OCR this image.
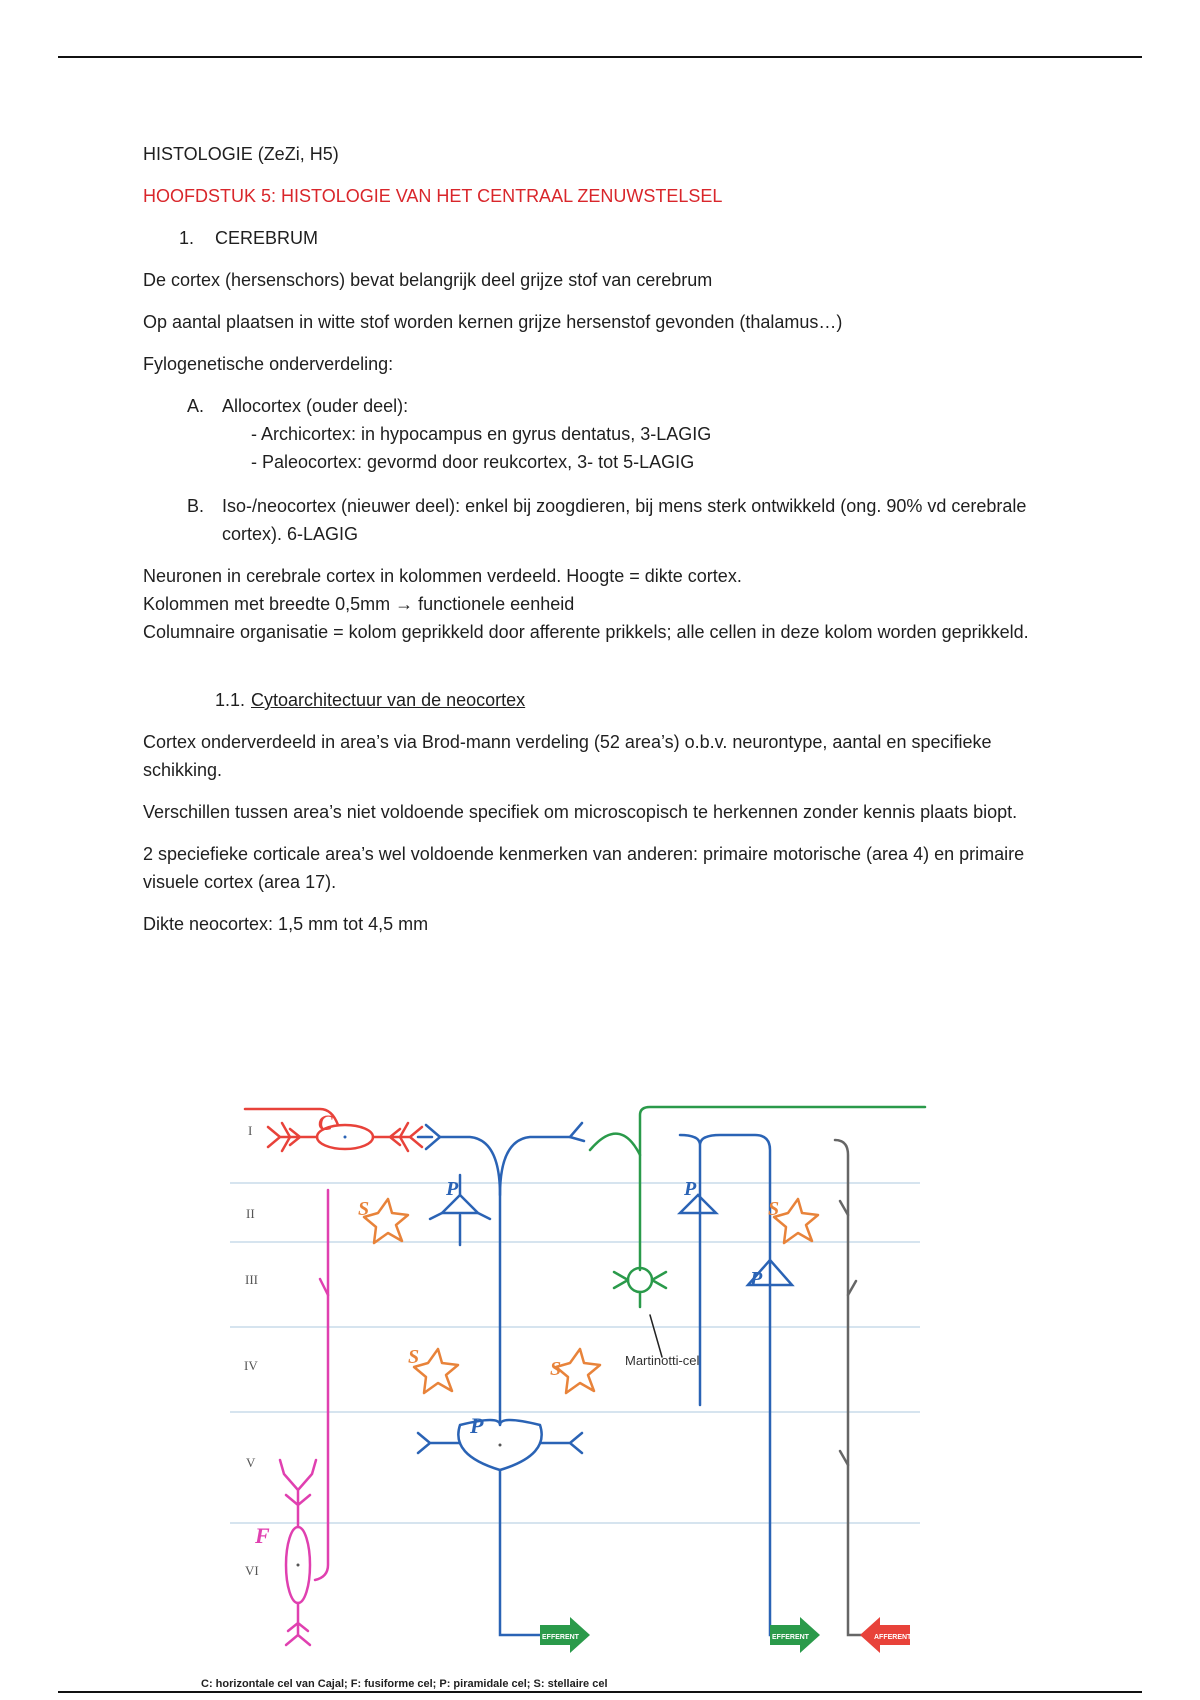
HISTOLOGIE (ZeZi, H5)

HOOFDSTUK 5: HISTOLOGIE VAN HET CENTRAAL ZENUWSTELSEL

1.	CEREBRUM

De cortex (hersenschors) bevat belangrijk deel grijze stof van cerebrum

Op aantal plaatsen in witte stof worden kernen grijze hersenstof gevonden (thalamus…)

Fylogenetische onderverdeling:

A. Allocortex (ouder deel):
- Archicortex: in hypocampus en gyrus dentatus, 3-LAGIG
- Paleocortex: gevormd door reukcortex, 3- tot 5-LAGIG
B. Iso-/neocortex (nieuwer deel): enkel bij zoogdieren, bij mens sterk ontwikkeld (ong. 90% vd cerebrale cortex). 6-LAGIG

Neuronen in cerebrale cortex in kolommen verdeeld. Hoogte = dikte cortex.

Kolommen met breedte 0,5mm → functionele eenheid

Columnaire organisatie = kolom geprikkeld door afferente prikkels; alle cellen in deze kolom worden geprikkeld.

1.1. Cytoarchitectuur van de neocortex

Cortex onderverdeeld in area’s via Brod-mann verdeling (52 area’s) o.b.v. neurontype, aantal en specifieke schikking.

Verschillen tussen area’s niet voldoende specifiek om microscopisch te herkennen zonder kennis plaats biopt.

2 speciefieke corticale area’s wel voldoende kenmerken van anderen: primaire motorische (area 4) en primaire visuele cortex (area 17).

Dikte neocortex: 1,5 mm tot 4,5 mm

I
II
III
IV
V
VI
C
F
P
P
P
P
Martinotti-cel
S
S
S
S
EFFERENT	EFFERENT	AFFERENT
C: horizontale cel van Cajal; F: fusiforme cel; P: piramidale cel; S: stellaire cel
